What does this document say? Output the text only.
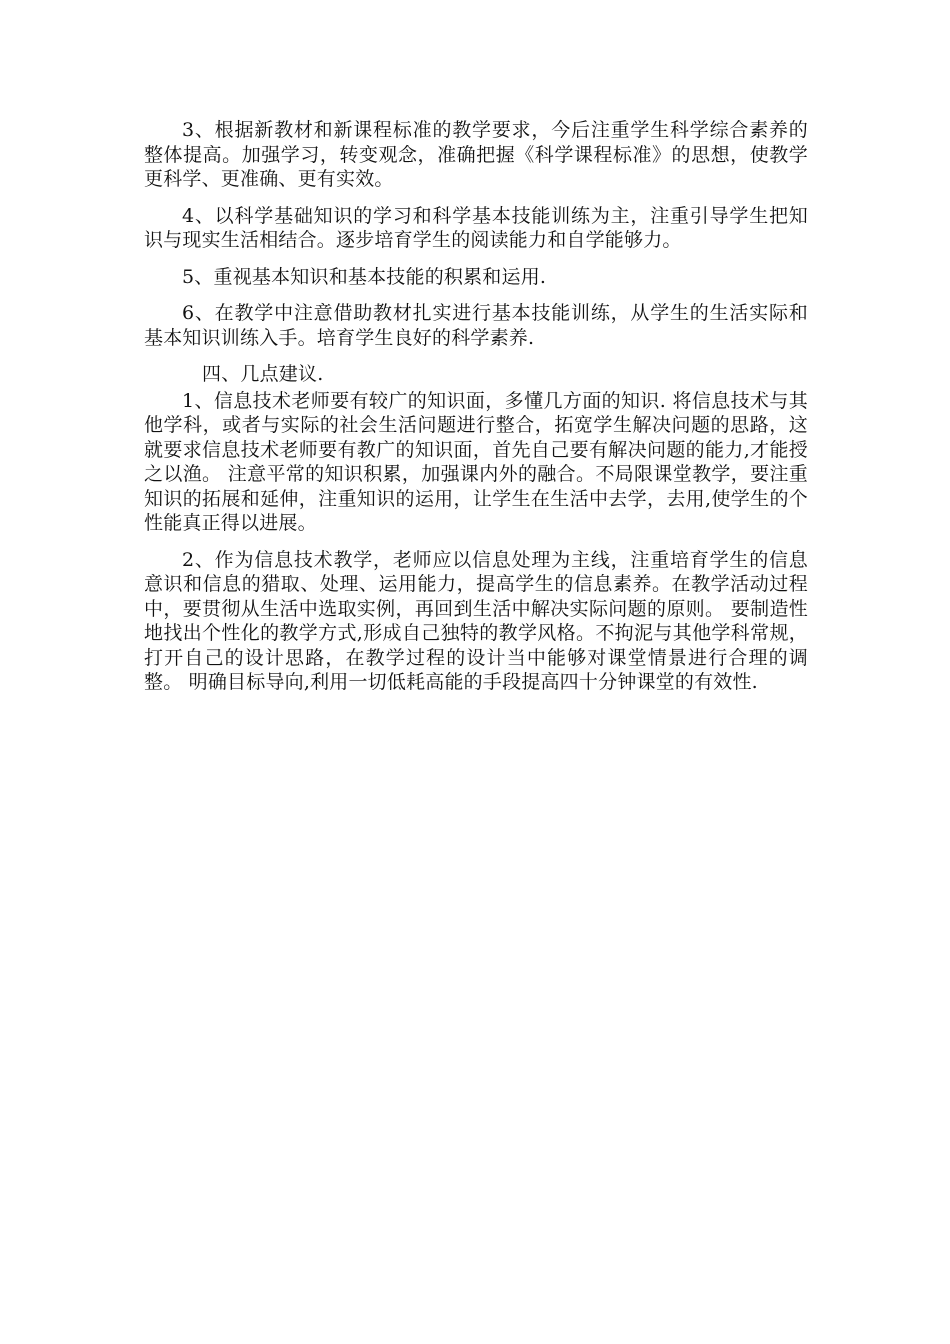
3、根据新教材和新课程标准的教学要求，今后注重学生科学综合素养的整体提高。加强学习，转变观念，准确把握《科学课程标准》的思想，使教学更科学、更准确、更有实效。

4、以科学基础知识的学习和科学基本技能训练为主，注重引导学生把知识与现实生活相结合。逐步培育学生的阅读能力和自学能够力。

5、重视基本知识和基本技能的积累和运用.

6、在教学中注意借助教材扎实进行基本技能训练，从学生的生活实际和基本知识训练入手。培育学生良好的科学素养.

四、几点建议.

1、信息技术老师要有较广的知识面，多懂几方面的知识. 将信息技术与其他学科，或者与实际的社会生活问题进行整合，拓宽学生解决问题的思路，这就要求信息技术老师要有教广的知识面，首先自己要有解决问题的能力,才能授之以渔。 注意平常的知识积累，加强课内外的融合。不局限课堂教学，要注重知识的拓展和延伸，注重知识的运用，让学生在生活中去学，去用,使学生的个性能真正得以进展。

2、作为信息技术教学，老师应以信息处理为主线，注重培育学生的信息意识和信息的猎取、处理、运用能力，提高学生的信息素养。在教学活动过程中，要贯彻从生活中选取实例，再回到生活中解决实际问题的原则。 要制造性地找出个性化的教学方式,形成自己独特的教学风格。不拘泥与其他学科常规，打开自己的设计思路，在教学过程的设计当中能够对课堂情景进行合理的调整。 明确目标导向,利用一切低耗高能的手段提高四十分钟课堂的有效性.
